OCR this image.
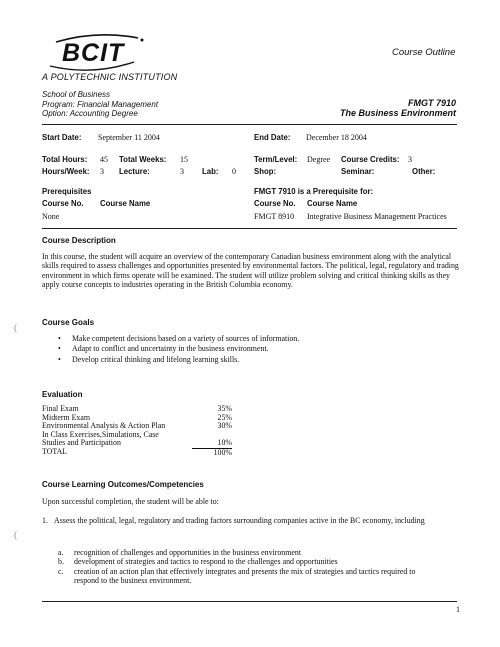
BCIT
A POLYTECHNIC INSTITUTION
Course Outline
School of Business
Program: Financial Management
Option: Accounting Degree
FMGT 7910
The Business Environment
Start Date: September 11 2004	End Date: December 18 2004
Total Hours: 45 Total Weeks: 15	Term/Level: Degree Course Credits: 3
Hours/Week: 3 Lecture:	3 Lab: 0 Shop:	Seminar:	Other:
Prerequisites
Course No. Course Name
None
FMGT 7910 is a Prerequisite for:
Course No. Course Name
FMGT 8910 Integrative Business Management Practices
Course Description
In this course, the student will acquire an overview of the contemporary Canadian business environment along with the analytical skills required to assess challenges and opportunities presented by environmental factors. The political, legal, regulatory and trading environment in which firms operate will be examined. The student will utilize problem solving and critical thinking skills as they apply course concepts to industries operating in the British Columbia economy.
Course Goals
• Make competent decisions based on a variety of sources of information.
• Adapt to conflict and uncertainty in the business environment.
• Develop critical thinking and lifelong learning skills.
Evaluation
Final Exam	35%
Midterm Exam	25%
Environmental Analysis & Action Plan	30%
In Class Exercises,Simulations, Case	
Studies and Participation	10%
TOTAL	100%
Course Learning Outcomes/Competencies
Upon successful completion, the student will be able to:
1. Assess the political, legal, regulatory and trading factors surrounding companies active in the BC economy, including
a. recognition of challenges and opportunities in the business environment
b. development of strategies and tactics to respond to the challenges and opportunities
c. creation of an action plan that effectively integrates and presents the mix of strategies and tactics required to respond to the business environment.
1
(
(
